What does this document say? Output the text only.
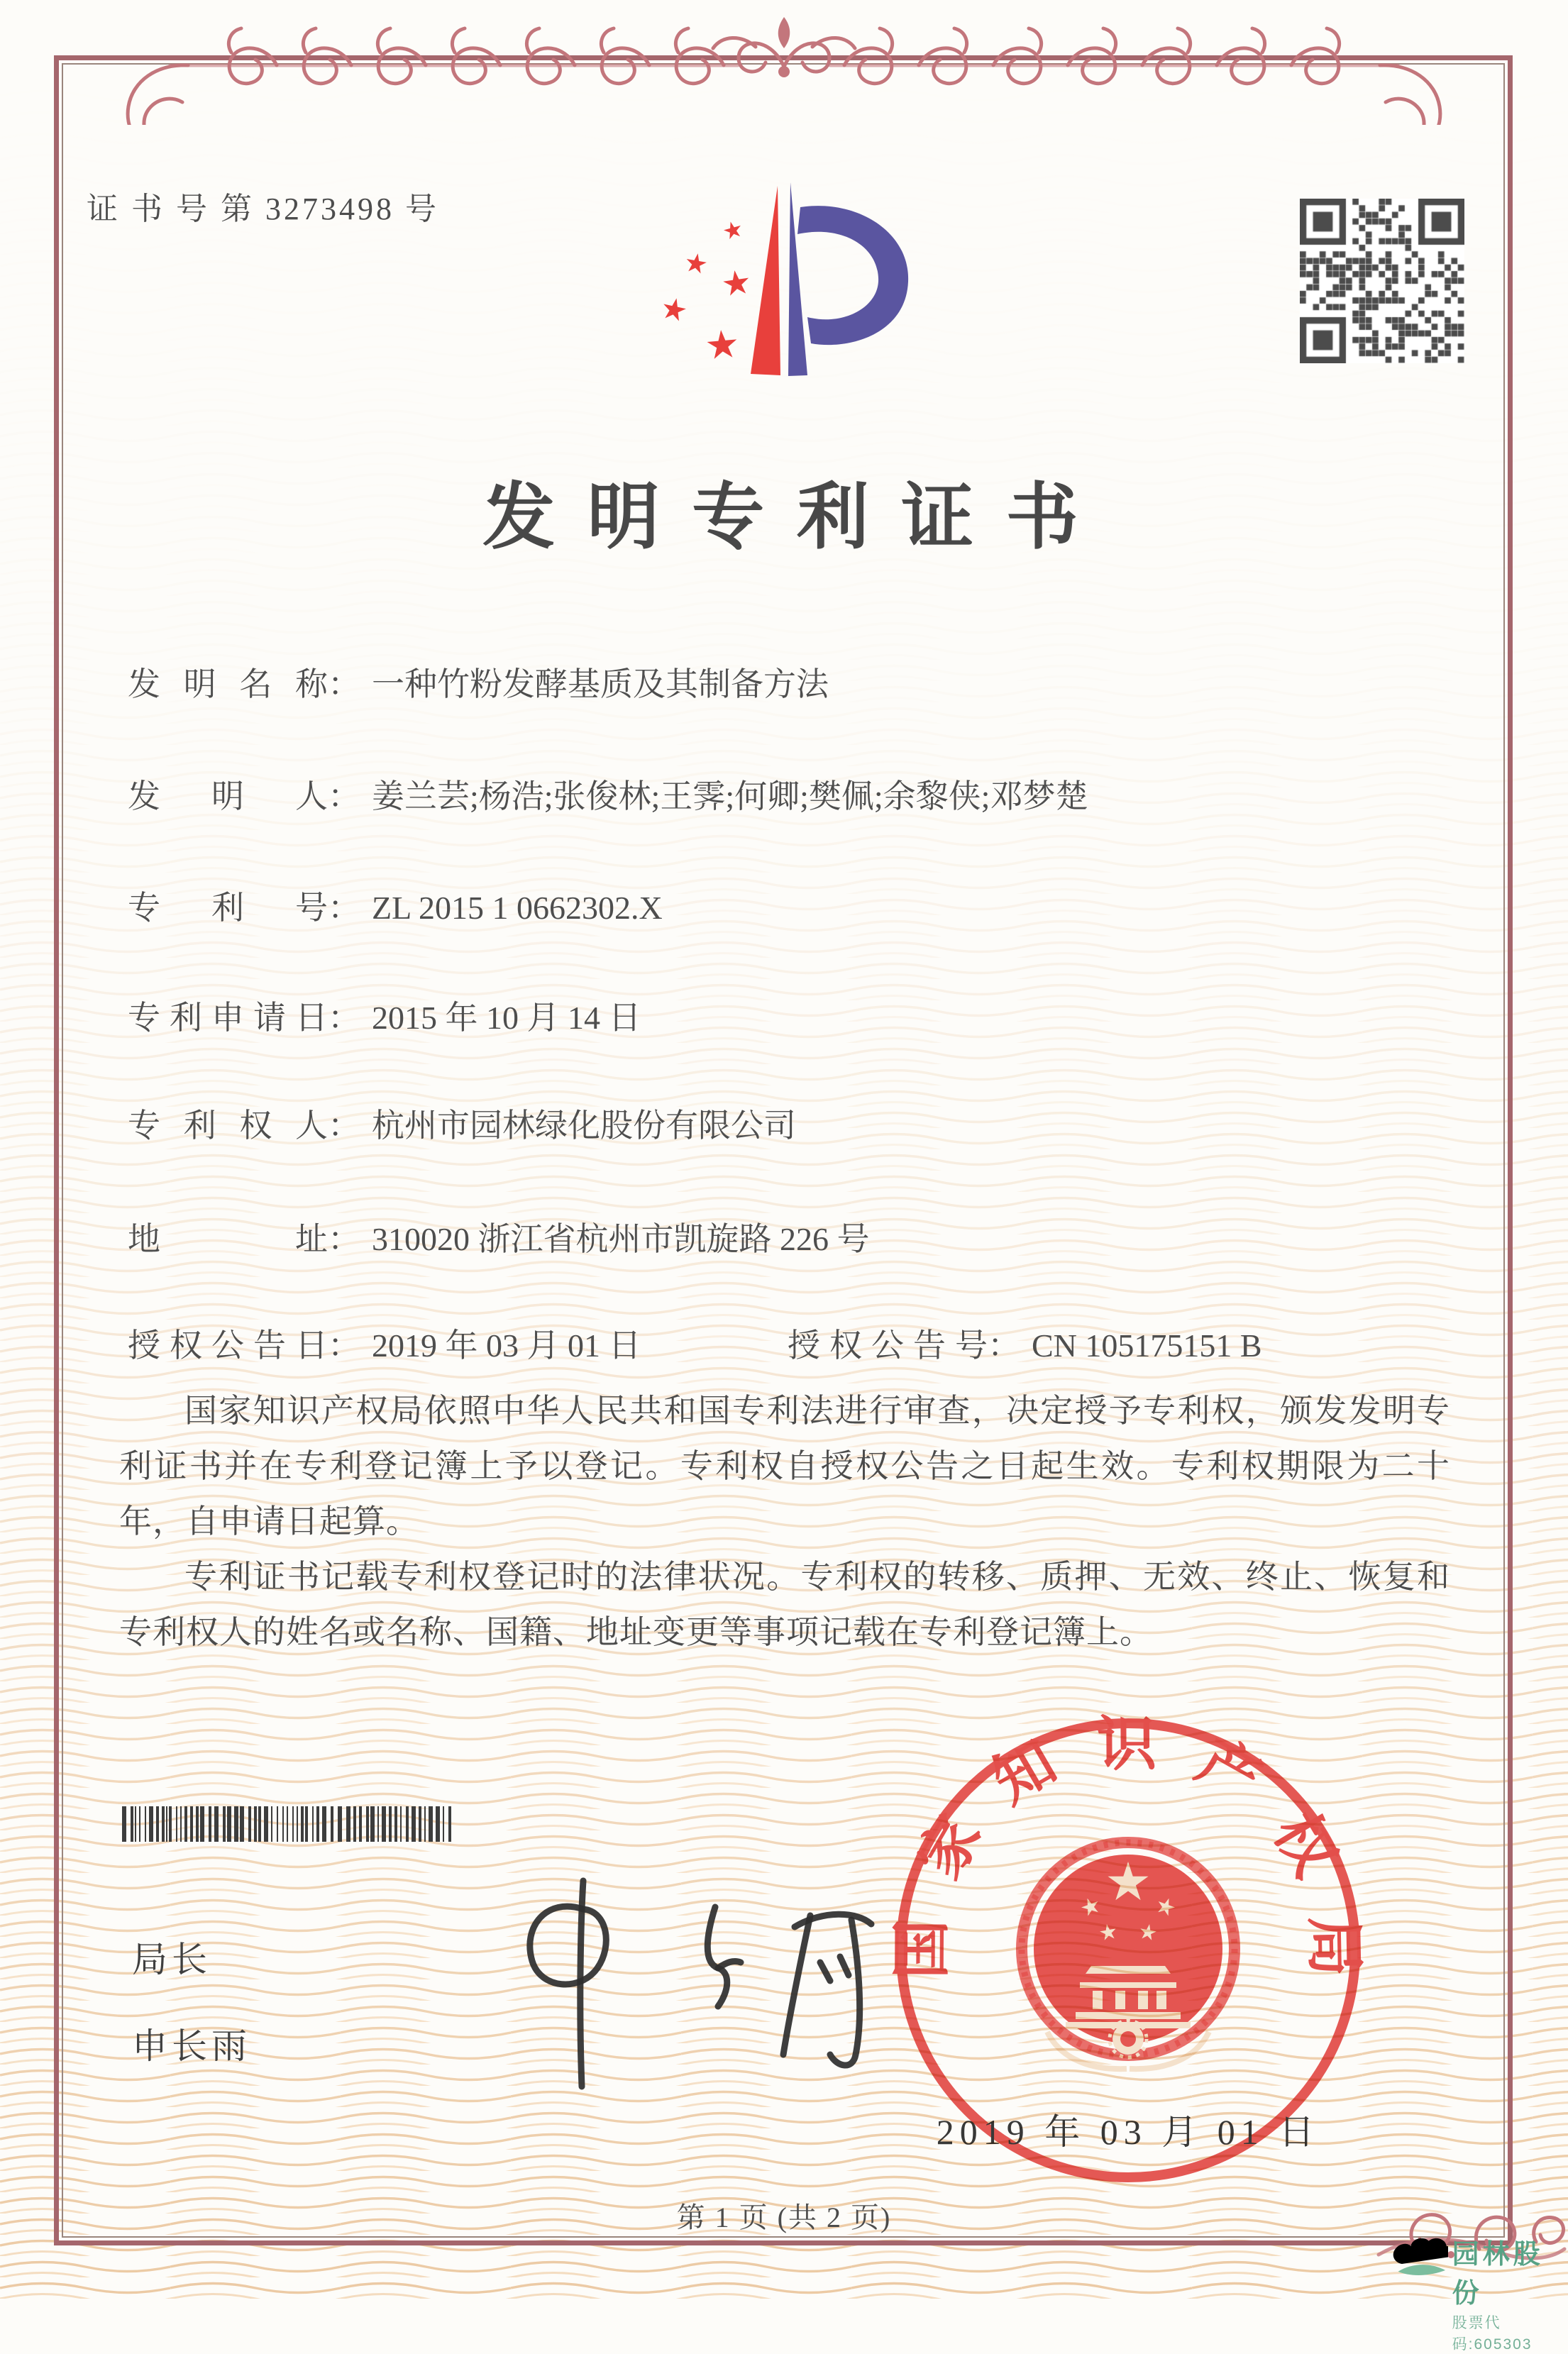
证 书 号 第 3273498 号
发 明 专 利 证 书
发明名称： 一种竹粉发酵基质及其制备方法
发明人： 姜兰芸;杨浩;张俊林;王霁;何卿;樊佩;余黎侠;邓梦楚
专利号： ZL 2015 1 0662302.X
专利申请日： 2015 年 10 月 14 日
专利权人： 杭州市园林绿化股份有限公司
地址： 310020 浙江省杭州市凯旋路 226 号
授权公告日： 2019 年 03 月 01 日	授权公告号： CN 105175151 B

国家知识产权局依照中华人民共和国专利法进行审查，决定授予专利权，颁发发明专利证书并在专利登记簿上予以登记。专利权自授权公告之日起生效。专利权期限为二十年，自申请日起算。

专利证书记载专利权登记时的法律状况。专利权的转移、质押、无效、终止、恢复和专利权人的姓名或名称、国籍、地址变更等事项记载在专利登记簿上。

局长
申长雨
国家知识产权局
2019 年 03 月 01 日
第 1 页 (共 2 页)
园林股份
股票代码:605303
